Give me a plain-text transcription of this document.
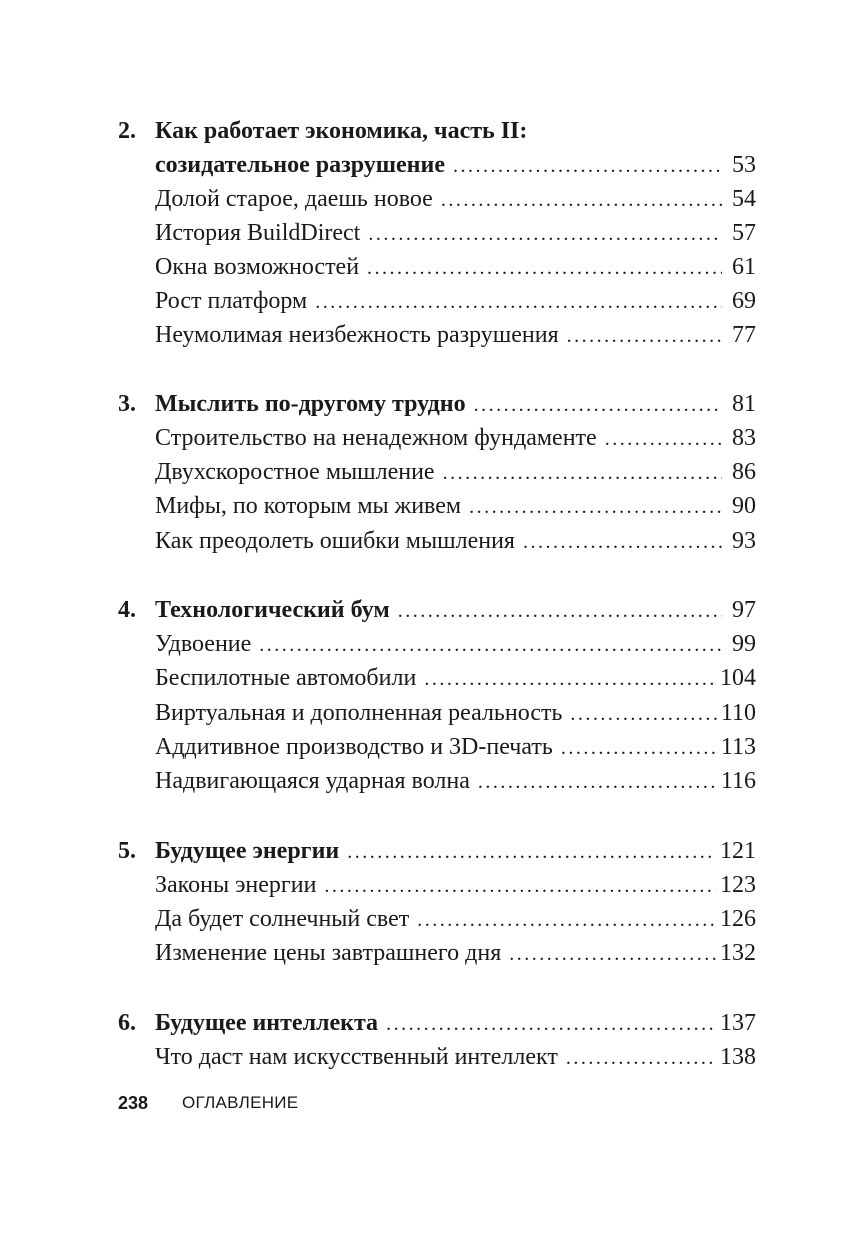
2. Как работает экономика, часть II:
созидательное разрушение .....	53
Долой старое, даешь новое .....	54
История BuildDirect .....	57
Окна возможностей .....	61
Рост платформ .....	69
Неумолимая неизбежность разрушения .....	77
3. Мыслить по-другому трудно .....	81
Строительство на ненадежном фундаменте .....	83
Двухскоростное мышление .....	86
Мифы, по которым мы живем .....	90
Как преодолеть ошибки мышления .....	93
4. Технологический бум .....	97
Удвоение .....	99
Беспилотные автомобили .....	104
Виртуальная и дополненная реальность .....	110
Аддитивное производство и 3D-печать .....	113
Надвигающаяся ударная волна .....	116
5. Будущее энергии .....	121
Законы энергии .....	123
Да будет солнечный свет .....	126
Изменение цены завтрашнего дня .....	132
6. Будущее интеллекта .....	137
Что даст нам искусственный интеллект .....	138
238 ОГЛАВЛЕНИЕ
